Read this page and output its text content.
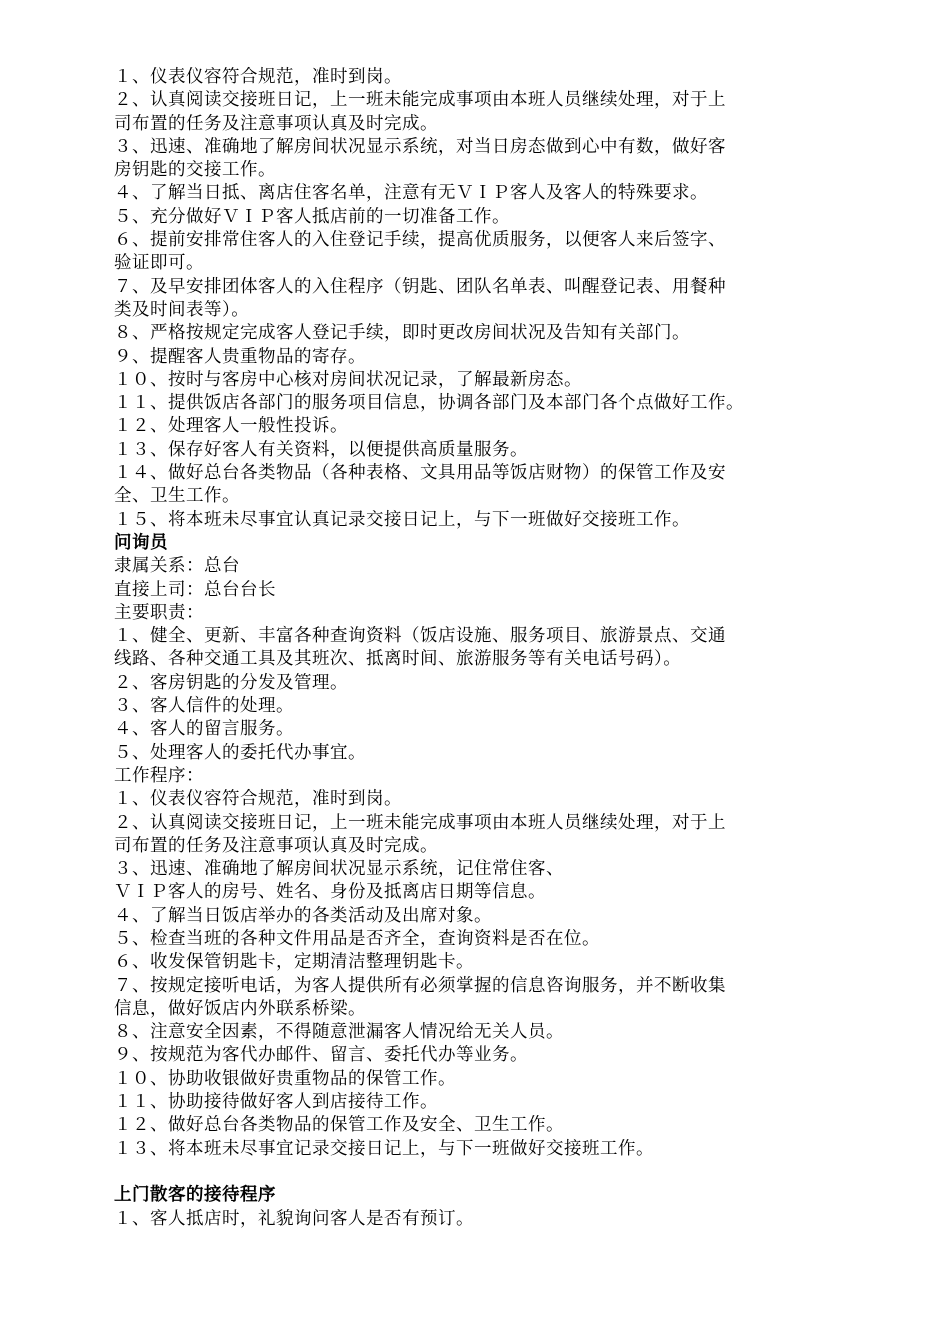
１、仪表仪容符合规范，准时到岗。
２、认真阅读交接班日记，上一班未能完成事项由本班人员继续处理，对于上
司布置的任务及注意事项认真及时完成。
３、迅速、准确地了解房间状况显示系统，对当日房态做到心中有数，做好客
房钥匙的交接工作。
４、了解当日抵、离店住客名单，注意有无ＶＩＰ客人及客人的特殊要求。
５、充分做好ＶＩＰ客人抵店前的一切准备工作。
６、提前安排常住客人的入住登记手续，提高优质服务，以便客人来后签字、
验证即可。
７、及早安排团体客人的入住程序（钥匙、团队名单表、叫醒登记表、用餐种
类及时间表等）。
８、严格按规定完成客人登记手续，即时更改房间状况及告知有关部门。
９、提醒客人贵重物品的寄存。
１０、按时与客房中心核对房间状况记录，了解最新房态。
１１、提供饭店各部门的服务项目信息，协调各部门及本部门各个点做好工作。
１２、处理客人一般性投诉。
１３、保存好客人有关资料，以便提供高质量服务。
１４、做好总台各类物品（各种表格、文具用品等饭店财物）的保管工作及安
全、卫生工作。
１５、将本班未尽事宜认真记录交接日记上，与下一班做好交接班工作。
问询员
隶属关系：总台
直接上司：总台台长
主要职责：
１、健全、更新、丰富各种查询资料（饭店设施、服务项目、旅游景点、交通
线路、各种交通工具及其班次、抵离时间、旅游服务等有关电话号码）。
２、客房钥匙的分发及管理。
３、客人信件的处理。
４、客人的留言服务。
５、处理客人的委托代办事宜。
工作程序：
１、仪表仪容符合规范，准时到岗。
２、认真阅读交接班日记，上一班未能完成事项由本班人员继续处理，对于上
司布置的任务及注意事项认真及时完成。
３、迅速、准确地了解房间状况显示系统，记住常住客、
ＶＩＰ客人的房号、姓名、身份及抵离店日期等信息。
４、了解当日饭店举办的各类活动及出席对象。
５、检查当班的各种文件用品是否齐全，查询资料是否在位。
６、收发保管钥匙卡，定期清洁整理钥匙卡。
７、按规定接听电话，为客人提供所有必须掌握的信息咨询服务，并不断收集
信息，做好饭店内外联系桥梁。
８、注意安全因素，不得随意泄漏客人情况给无关人员。
９、按规范为客代办邮件、留言、委托代办等业务。
１０、协助收银做好贵重物品的保管工作。
１１、协助接待做好客人到店接待工作。
１２、做好总台各类物品的保管工作及安全、卫生工作。
１３、将本班未尽事宜记录交接日记上，与下一班做好交接班工作。
上门散客的接待程序
１、客人抵店时，礼貌询问客人是否有预订。
